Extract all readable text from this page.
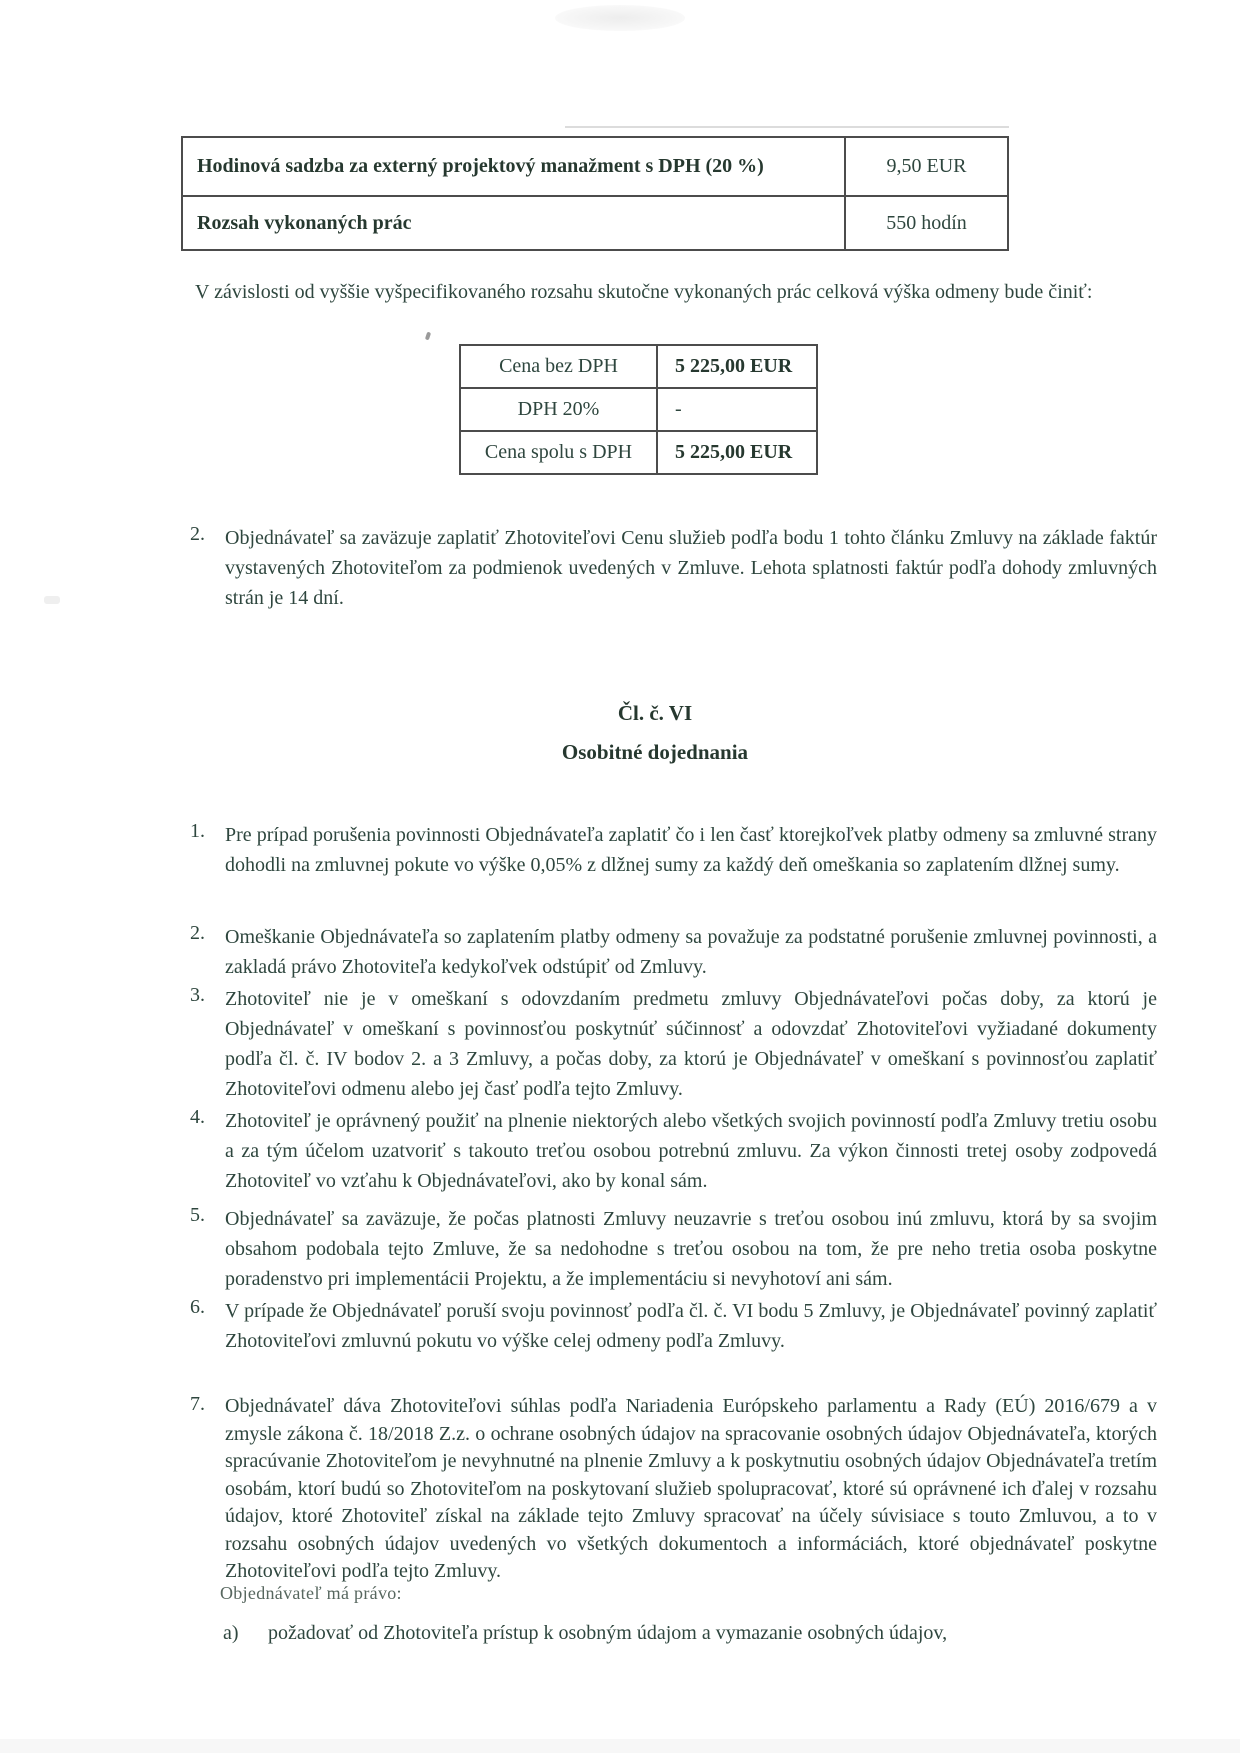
Hodinová sadzba za externý projektový manažment s DPH (20 %)	9,50 EUR
Rozsah vykonaných prác	550 hodín
V závislosti od vyššie vyšpecifikovaného rozsahu skutočne vykonaných prác celková výška odmeny bude činiť:
Cena bez DPH	5 225,00 EUR
DPH 20%	-
Cena spolu s DPH	5 225,00 EUR
2. Objednávateľ sa zaväzuje zaplatiť Zhotoviteľovi Cenu služieb podľa bodu 1 tohto článku Zmluvy na základe faktúr vystavených Zhotoviteľom za podmienok uvedených v Zmluve. Lehota splatnosti faktúr podľa dohody zmluvných strán je 14 dní.
Čl. č. VI
Osobitné dojednania
1. Pre prípad porušenia povinnosti Objednávateľa zaplatiť čo i len časť ktorejkoľvek platby odmeny sa zmluvné strany dohodli na zmluvnej pokute vo výške 0,05% z dlžnej sumy za každý deň omeškania so zaplatením dlžnej sumy.
2. Omeškanie Objednávateľa so zaplatením platby odmeny sa považuje za podstatné porušenie zmluvnej povinnosti, a zakladá právo Zhotoviteľa kedykoľvek odstúpiť od Zmluvy.
3. Zhotoviteľ nie je v omeškaní s odovzdaním predmetu zmluvy Objednávateľovi počas doby, za ktorú je Objednávateľ v omeškaní s povinnosťou poskytnúť súčinnosť a odovzdať Zhotoviteľovi vyžiadané dokumenty podľa čl. č. IV bodov 2. a 3 Zmluvy, a počas doby, za ktorú je Objednávateľ v omeškaní s povinnosťou zaplatiť Zhotoviteľovi odmenu alebo jej časť podľa tejto Zmluvy.
4. Zhotoviteľ je oprávnený použiť na plnenie niektorých alebo všetkých svojich povinností podľa Zmluvy tretiu osobu a za tým účelom uzatvoriť s takouto treťou osobou potrebnú zmluvu. Za výkon činnosti tretej osoby zodpovedá Zhotoviteľ vo vzťahu k Objednávateľovi, ako by konal sám.
5. Objednávateľ sa zaväzuje, že počas platnosti Zmluvy neuzavrie s treťou osobou inú zmluvu, ktorá by sa svojim obsahom podobala tejto Zmluve, že sa nedohodne s treťou osobou na tom, že pre neho tretia osoba poskytne poradenstvo pri implementácii Projektu, a že implementáciu si nevyhotoví ani sám.
6. V prípade že Objednávateľ poruší svoju povinnosť podľa čl. č. VI bodu 5 Zmluvy, je Objednávateľ povinný zaplatiť Zhotoviteľovi zmluvnú pokutu vo výške celej odmeny podľa Zmluvy.
7. Objednávateľ dáva Zhotoviteľovi súhlas podľa Nariadenia Európskeho parlamentu a Rady (EÚ) 2016/679 a v zmysle zákona č. 18/2018 Z.z. o ochrane osobných údajov na spracovanie osobných údajov Objednávateľa, ktorých spracúvanie Zhotoviteľom je nevyhnutné na plnenie Zmluvy a k poskytnutiu osobných údajov Objednávateľa tretím osobám, ktorí budú so Zhotoviteľom na poskytovaní služieb spolupracovať, ktoré sú oprávnené ich ďalej v rozsahu údajov, ktoré Zhotoviteľ získal na základe tejto Zmluvy spracovať na účely súvisiace s touto Zmluvou, a to v rozsahu osobných údajov uvedených vo všetkých dokumentoch a informáciách, ktoré objednávateľ poskytne Zhotoviteľovi podľa tejto Zmluvy.
Objednávateľ má právo:
a) požadovať od Zhotoviteľa prístup k osobným údajom a vymazanie osobných údajov,
